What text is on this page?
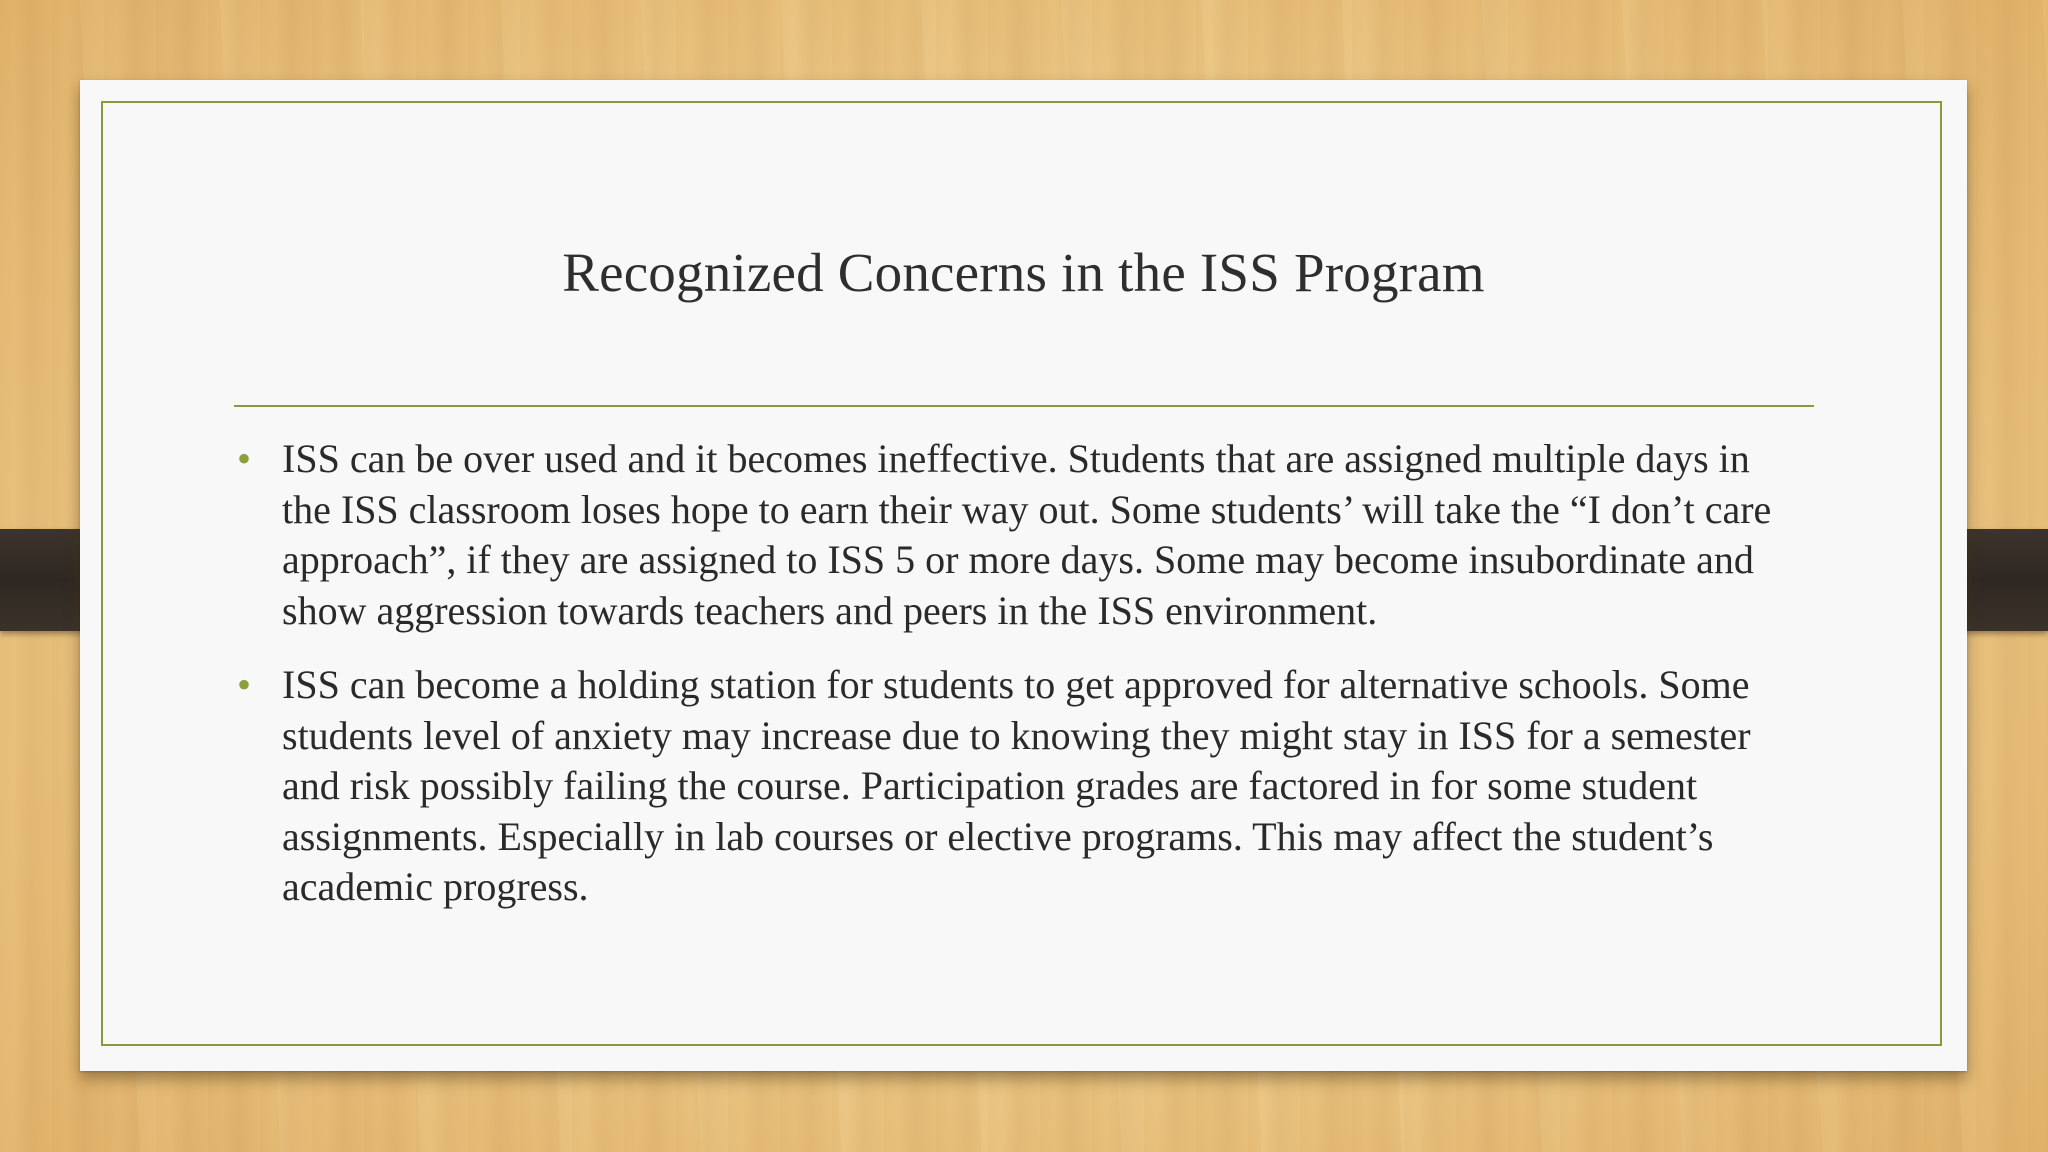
Recognized Concerns in the ISS Program
• ISS can be over used and it becomes ineffective. Students that are assigned multiple days in the ISS classroom loses hope to earn their way out. Some students’ will take the “I don’t care approach”, if they are assigned to ISS 5 or more days. Some may become insubordinate and show aggression towards teachers and peers in the ISS environment.
• ISS can become a holding station for students to get approved for alternative schools. Some students level of anxiety may increase due to knowing they might stay in ISS for a semester and risk possibly failing the course. Participation grades are factored in for some student assignments. Especially in lab courses or elective programs. This may affect the student’s academic progress.
